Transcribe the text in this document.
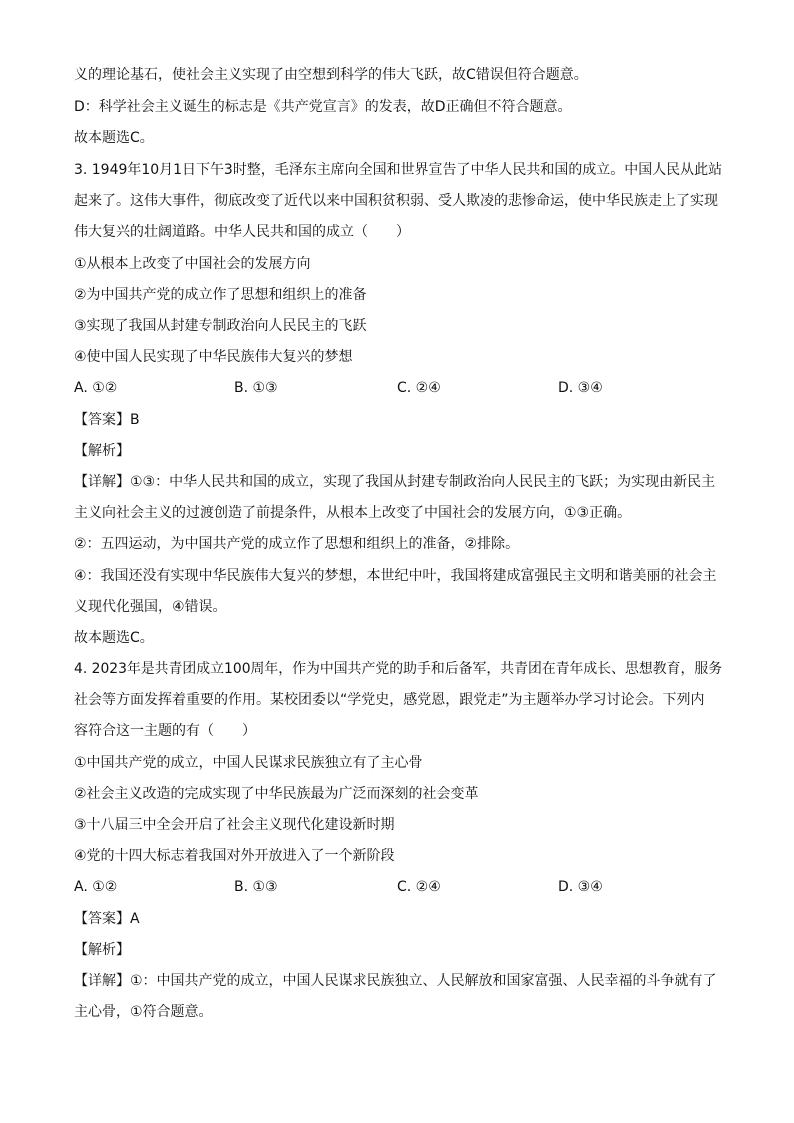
义的理论基石，使社会主义实现了由空想到科学的伟大飞跃，故C错误但符合题意。
D：科学社会主义诞生的标志是《共产党宣言》的发表，故D正确但不符合题意。
故本题选C。
3. 1949年10月1日下午3时整，毛泽东主席向全国和世界宣告了中华人民共和国的成立。中国人民从此站
起来了。这伟大事件，彻底改变了近代以来中国积贫积弱、受人欺凌的悲惨命运，使中华民族走上了实现
伟大复兴的壮阔道路。中华人民共和国的成立（　　）
①从根本上改变了中国社会的发展方向
②为中国共产党的成立作了思想和组织上的准备
③实现了我国从封建专制政治向人民民主的飞跃
④使中国人民实现了中华民族伟大复兴的梦想
A. ①②	B. ①③	C. ②④	D. ③④
【答案】B
【解析】
【详解】①③：中华人民共和国的成立，实现了我国从封建专制政治向人民民主的飞跃；为实现由新民主
主义向社会主义的过渡创造了前提条件，从根本上改变了中国社会的发展方向，①③正确。
②：五四运动，为中国共产党的成立作了思想和组织上的准备，②排除。
④：我国还没有实现中华民族伟大复兴的梦想，本世纪中叶，我国将建成富强民主文明和谐美丽的社会主
义现代化强国，④错误。
故本题选C。
4. 2023年是共青团成立100周年，作为中国共产党的助手和后备军，共青团在青年成长、思想教育，服务
社会等方面发挥着重要的作用。某校团委以“学党史，感党恩，跟党走”为主题举办学习讨论会。下列内
容符合这一主题的有（　　）
①中国共产党的成立，中国人民谋求民族独立有了主心骨
②社会主义改造的完成实现了中华民族最为广泛而深刻的社会变革
③十八届三中全会开启了社会主义现代化建设新时期
④党的十四大标志着我国对外开放进入了一个新阶段
A. ①②	B. ①③	C. ②④	D. ③④
【答案】A
【解析】
【详解】①：中国共产党的成立，中国人民谋求民族独立、人民解放和国家富强、人民幸福的斗争就有了
主心骨，①符合题意。
